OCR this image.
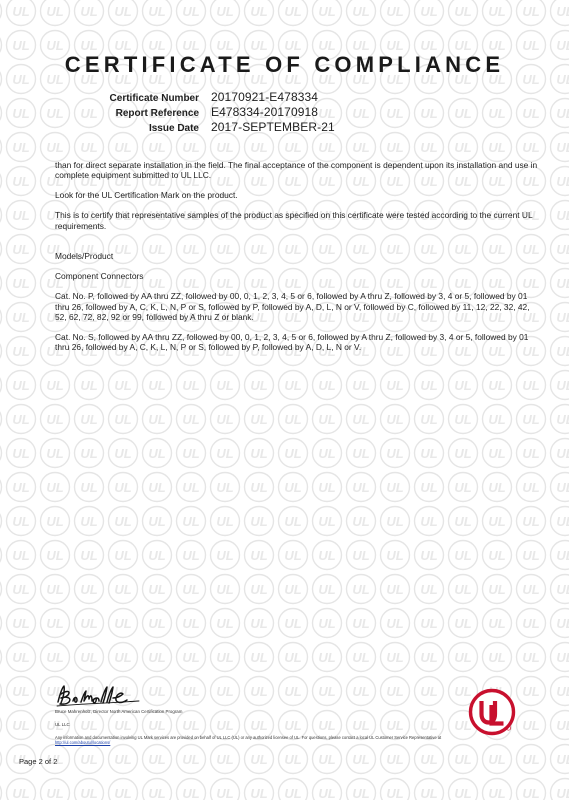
CERTIFICATE OF COMPLIANCE
Certificate Number	20170921-E478334
Report Reference	E478334-20170918
Issue Date	2017-SEPTEMBER-21

than for direct separate installation in the field. The final acceptance of the component is dependent upon its installation and use in complete equipment submitted to UL LLC.

Look for the UL Certification Mark on the product.

This is to certify that representative samples of the product as specified on this certificate were tested according to the current UL requirements.

Models/Product

Component Connectors

Cat. No. P, followed by AA thru ZZ, followed by 00, 0, 1, 2, 3, 4, 5 or 6, followed by A thru Z, followed by 3, 4 or 5, followed by 01 thru 26, followed by A, C, K, L, N, P or S, followed by P, followed by A, D, L, N or V, followed by C, followed by 11, 12, 22, 32, 42, 52, 62, 72, 82, 92 or 99, followed by A thru Z or blank.

Cat. No. S, followed by AA thru ZZ, followed by 00, 0, 1, 2, 3, 4, 5 or 6, followed by A thru Z, followed by 3, 4 or 5, followed by 01 thru 26, followed by A, C, K, L, N, P or S, followed by P, followed by A, D, L, N or V.

Bruce Mahrenholz, Director North American Certification Program
UL LLC
Any information and documentation involving UL Mark services are provided on behalf of UL LLC (UL) or any authorized licensee of UL. For questions, please contact a local UL Customer Service Representative at http://ul.com/aboutul/locations/
Page 2 of 2
